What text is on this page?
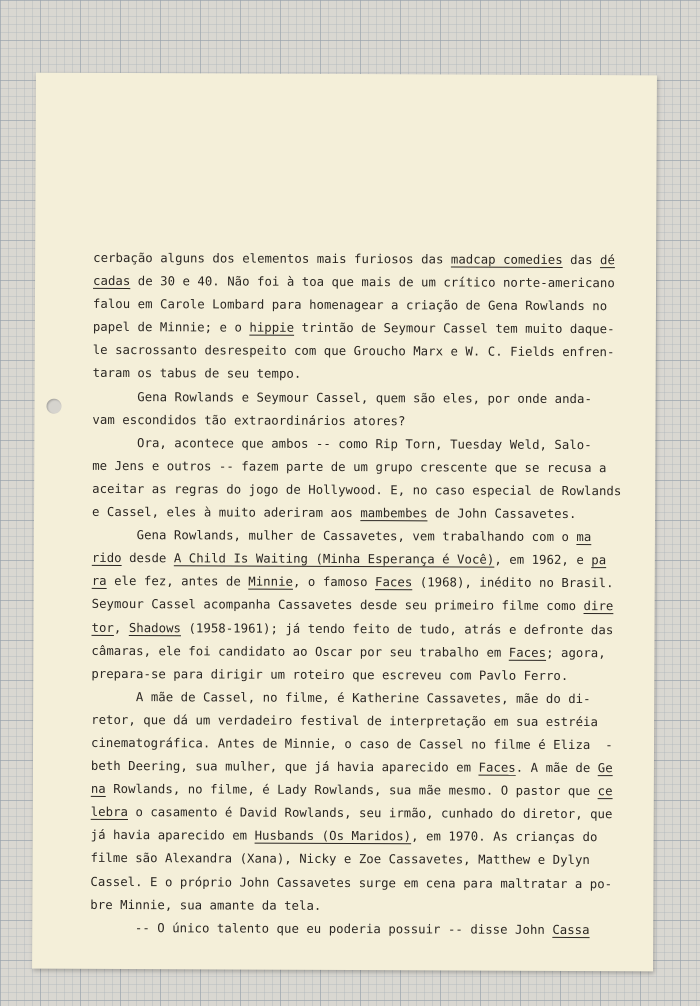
cerbação alguns dos elementos mais furiosos das madcap comedies das dé
cadas de 30 e 40. Não foi à toa que mais de um crítico norte-americano
falou em Carole Lombard para homenagear a criação de Gena Rowlands no
papel de Minnie; e o hippie trintão de Seymour Cassel tem muito daque-
le sacrossanto desrespeito com que Groucho Marx e W. C. Fields enfren-
taram os tabus de seu tempo.
Gena Rowlands e Seymour Cassel, quem são eles, por onde anda-
vam escondidos tão extraordinários atores?
Ora, acontece que ambos -- como Rip Torn, Tuesday Weld, Salo-
me Jens e outros -- fazem parte de um grupo crescente que se recusa a
aceitar as regras do jogo de Hollywood. E, no caso especial de Rowlands
e Cassel, eles à muito aderiram aos mambembes de John Cassavetes.
Gena Rowlands, mulher de Cassavetes, vem trabalhando com o ma
rido desde A Child Is Waiting (Minha Esperança é Você), em 1962, e pa
ra ele fez, antes de Minnie, o famoso Faces (1968), inédito no Brasil.
Seymour Cassel acompanha Cassavetes desde seu primeiro filme como dire
tor, Shadows (1958-1961); já tendo feito de tudo, atrás e defronte das
câmaras, ele foi candidato ao Oscar por seu trabalho em Faces; agora,
prepara-se para dirigir um roteiro que escreveu com Pavlo Ferro.
A mãe de Cassel, no filme, é Katherine Cassavetes, mãe do di-
retor, que dá um verdadeiro festival de interpretação em sua estréia
cinematográfica. Antes de Minnie, o caso de Cassel no filme é Eliza  -
beth Deering, sua mulher, que já havia aparecido em Faces. A mãe de Ge
na Rowlands, no filme, é Lady Rowlands, sua mãe mesmo. O pastor que ce
lebra o casamento é David Rowlands, seu irmão, cunhado do diretor, que
já havia aparecido em Husbands (Os Maridos), em 1970. As crianças do
filme são Alexandra (Xana), Nicky e Zoe Cassavetes, Matthew e Dylyn
Cassel. E o próprio John Cassavetes surge em cena para maltratar a po-
bre Minnie, sua amante da tela.
-- O único talento que eu poderia possuir -- disse John Cassa
